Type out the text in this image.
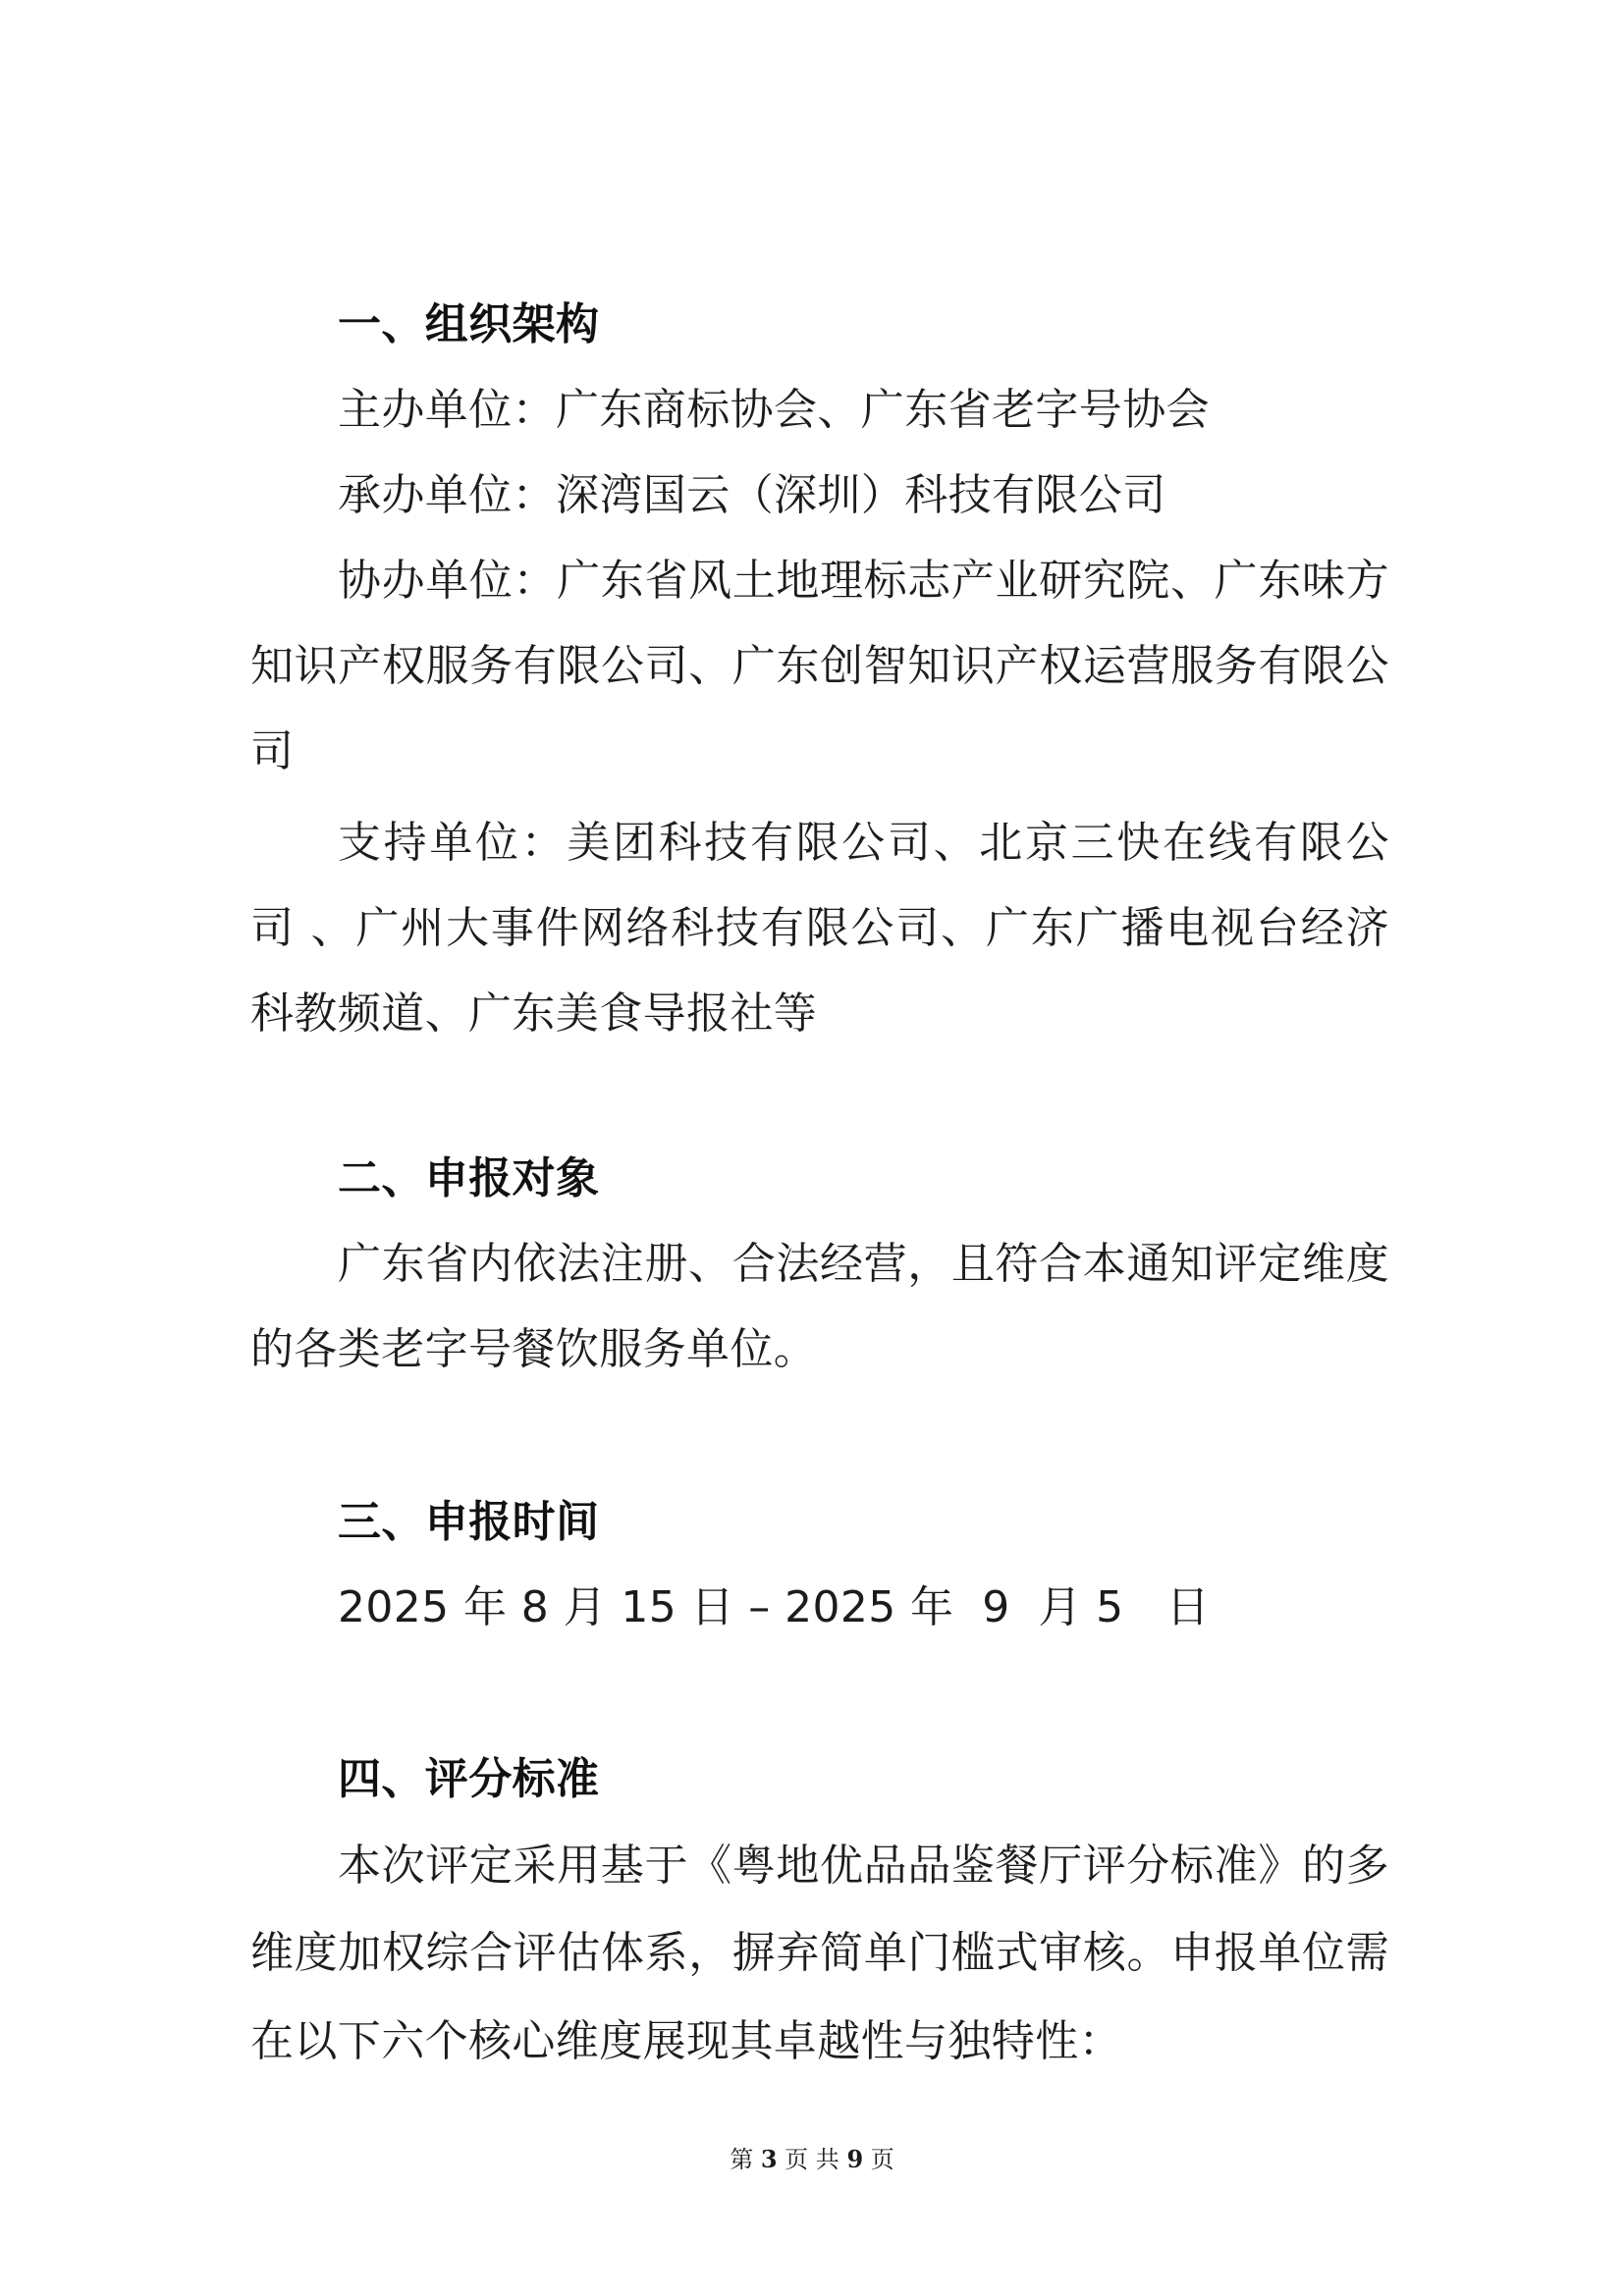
一、组织架构
主办单位：广东商标协会、广东省老字号协会
承办单位：深湾国云（深圳）科技有限公司
协办单位：广东省风土地理标志产业研究院、广东味方
知识产权服务有限公司、广东创智知识产权运营服务有限公
司
支持单位：美团科技有限公司、北京三快在线有限公
司 、广州大事件网络科技有限公司、广东广播电视台经济
科教频道、广东美食导报社等
二、申报对象
广东省内依法注册、合法经营，且符合本通知评定维度
的各类老字号餐饮服务单位。
三、申报时间
2025 年 8 月 15 日 – 2025 年  9  月 5   日
四、评分标准
本次评定采用基于《粤地优品品鉴餐厅评分标准》的多
维度加权综合评估体系，摒弃简单门槛式审核。申报单位需
在以下六个核心维度展现其卓越性与独特性：
第 3 页 共 9 页
